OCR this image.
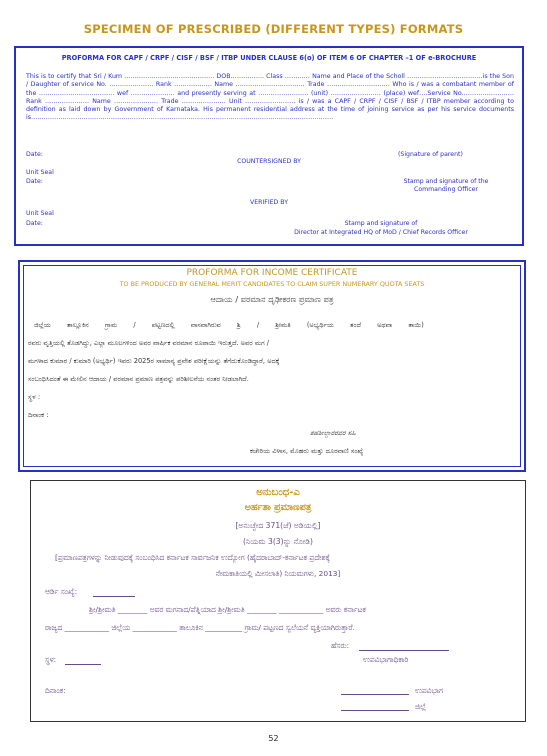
SPECIMEN OF PRESCRIBED (DIFFERENT TYPES) FORMATS
PROFORMA FOR CAPF / CRPF / CISF / BSF / ITBP UNDER CLAUSE 6(o) OF ITEM 6 OF CHAPTER –1 OF e-BROCHURE
This is to certify that Sri / Kum ……………………………………. DOB……………. Class ………… Name and Place of the Scholl ………………………………is the Son / Daughter of service No. ………………… Rank ……………… Name …………………………… Trade ………………………… Who is / was a combatant member of the ……………………………… wef ………………… and presently serving at …………………… (unit) …………………… (place) wef….Service No.…………………… Rank ………………… Name ………………… Trade ………………… Unit …………………… is / was a CAPF / CRPF / CISF / BSF / ITBP member according to definition as laid down by Government of Karnataka. His permanent residential address at the time of joining service as per his service documents is………………………………………………………………………………………………………………………………
Date:	(Signature of parent)
COUNTERSIGNED BY
Unit Seal
Date:	Stamp and signature of the
Commanding Officer
VERIFIED BY
Unit Seal
Date:	Stamp and signature of
Director at Integrated HQ of MoD / Chief Records Officer
PROFORMA FOR INCOME CERTIFICATE
TO BE PRODUCED BY GENERAL MERIT CANDIDATES TO CLAIM SUPER NUMERARY QUOTA SEATS
ಆದಾಯ / ವರಮಾನ ದೃಢೀಕರಣ ಪ್ರಮಾಣ ಪತ್ರ
ಜಿಲ್ಲೆಯ ತಾಲ್ಲೂಕಿನ ಗ್ರಾಮ / ಪಟ್ಟಣದಲ್ಲಿ ವಾಸವಾಗಿರುವ ಶ್ರಿ / ಶ್ರೀಮತಿ (ಅಭ್ಯರ್ಥಿಯ ತಂದೆ ಅಥವಾ ತಾಯಿ)
ರವರು ವೃತ್ತಿಯಲ್ಲಿ ತೊಡಗಿದ್ದು, ಎಲ್ಲಾ ಮೂಲಗಳಿಂದ ಅವರ ವಾರ್ಷಿಕ ವರಮಾನ ರೂಪಾಯಿ ಇರುತ್ತದೆ. ಅವರ ಮಗ /
ಮಗಳಾದ ಕುಮಾರ / ಕುಮಾರಿ (ಅಭ್ಯರ್ಥಿ) ಇವರು 2025ರ ಸಾಮಾನ್ಯ ಪ್ರವೇಶ ಪರೀಕ್ಷೆಯನ್ನು ತೆಗೆದುಕೊಂಡಿದ್ದಾರೆ, ಅದಕ್ಕೆ
ಸಂಬಂಧಿಸಿದಂತೆ ಈ ಮೇಲಿನ ಆದಾಯ / ವರಮಾನ ಪ್ರಮಾಣ ಪತ್ರವನ್ನು ಪರಿಶೀಲನೆಯ ನಂತರ ನೀಡಲಾಗಿದೆ.
ಸ್ಥಳ :
ದಿನಾಂಕ :
ತಹಶೀಲ್ದಾರರವರ ಸಹಿ
ಕಚೇರಿಯ ವಿಳಾಸ, ಮೊಹರು ಮತ್ತು ದೂರವಾಣಿ ಸಂಖ್ಯೆ
ಅನುಬಂಧ-ಎ
ಅರ್ಹತಾ ಪ್ರಮಾಣಪತ್ರ
[ಅನುಚ್ಛೇದ 371(ಜೆ) ಅಡಿಯಲ್ಲಿ]
(ನಿಯಮ 3(3)ನ್ನು ನೋಡಿ)
[ಪ್ರಮಾಣಪತ್ರಗಳನ್ನು ನೀಡುವುದಕ್ಕೆ ಸಂಬಂಧಿಸಿದ ಕರ್ನಾಟಕ ಸಾರ್ವಜನಿಕ ಉದ್ಯೋಗ (ಹೈದರಾಬಾದ್-ಕರ್ನಾಟಕ ಪ್ರದೇಶಕ್ಕೆ
ನೇಮಕಾತಿಯಲ್ಲಿ ಮೀಸಲಾತಿ) ನಿಯಮಗಳು, 2013]
ಆರ್ಡಿ ಸಂಖ್ಯೆ:
ಶ್ರೀ/ಶ್ರೀಮತಿ ________ ಅವರ ಮಗನಾದ/ಪೆತ್ನಿಯಾದ ಶ್ರೀ/ಶ್ರೀಮತಿ ________ ____________ ಅವರು ಕರ್ನಾಟಕ
ರಾಜ್ಯದ ____________ ಜಿಲ್ಲೆಯ ____________ ತಾಲೂಕಿನ __________ ಗ್ರಾಮ/ ಪಟ್ಟಣದ ಸ್ವಲೆಯನೆ ವ್ಯಕ್ತಿಯಾಗಿರುತ್ತಾರೆ.
ಹೆಸರು:
ಸ್ಥಳ:	ಉಪವಿಭಾಗಾಧಿಕಾರಿ
ದಿನಾಂಕ:	ಉಪವಿಭಾಗ
ಜಿಲ್ಲೆ
52
